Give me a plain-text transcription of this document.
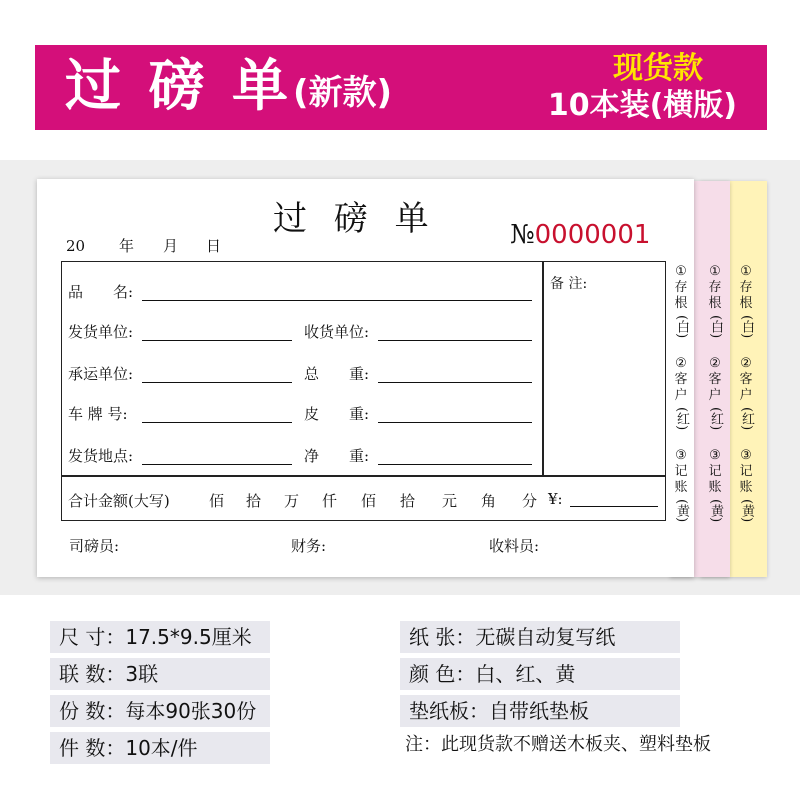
过 磅 单 (新款)
现货款
10本装(横版)
过 磅 单
20 年 月 日	№0000001
备 注:
品　　名:
发货单位:	收货单位:
承运单位:	总　　重:
车 牌 号:	皮　　重:
发货地点:	净　　重:
合计金额(大写)	佰 拾 万 仟 佰 拾 元 角 分 ¥:
司磅员:	财务:	收料员:
①
存
根
(白)
②
客
户
(红)
③
记
账
(黄)
①
存
根
(白)
②
客
户
(红)
③
记
账
(黄)
①
存
根
(白)
②
客
户
(红)
③
记
账
(黄)
尺 寸：17.5*9.5厘米
联 数：3联
份 数：每本90张30份
件 数：10本/件
纸 张：无碳自动复写纸
颜 色：白、红、黄
垫纸板：自带纸垫板
注：此现货款不赠送木板夹、塑料垫板
